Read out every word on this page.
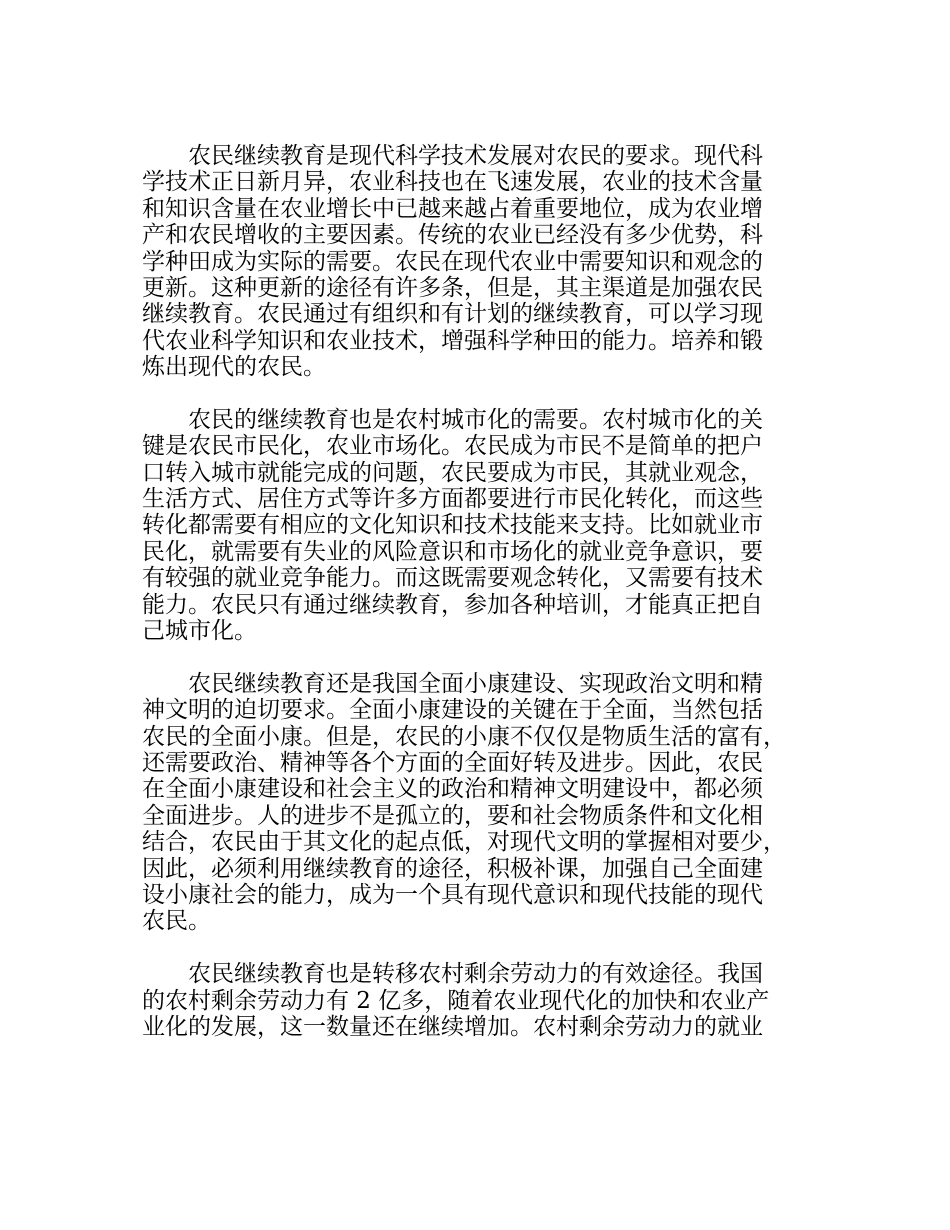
　　农民继续教育是现代科学技术发展对农民的要求。现代科
学技术正日新月异，农业科技也在飞速发展，农业的技术含量
和知识含量在农业增长中已越来越占着重要地位，成为农业增
产和农民增收的主要因素。传统的农业已经没有多少优势，科
学种田成为实际的需要。农民在现代农业中需要知识和观念的
更新。这种更新的途径有许多条，但是，其主渠道是加强农民
继续教育。农民通过有组织和有计划的继续教育，可以学习现
代农业科学知识和农业技术，增强科学种田的能力。培养和锻
炼出现代的农民。
　　农民的继续教育也是农村城市化的需要。农村城市化的关
键是农民市民化，农业市场化。农民成为市民不是简单的把户
口转入城市就能完成的问题，农民要成为市民，其就业观念，
生活方式、居住方式等许多方面都要进行市民化转化，而这些
转化都需要有相应的文化知识和技术技能来支持。比如就业市
民化，就需要有失业的风险意识和市场化的就业竞争意识，要
有较强的就业竞争能力。而这既需要观念转化，又需要有技术
能力。农民只有通过继续教育，参加各种培训，才能真正把自
己城市化。
　　农民继续教育还是我国全面小康建设、实现政治文明和精
神文明的迫切要求。全面小康建设的关键在于全面，当然包括
农民的全面小康。但是，农民的小康不仅仅是物质生活的富有，
还需要政治、精神等各个方面的全面好转及进步。因此，农民
在全面小康建设和社会主义的政治和精神文明建设中，都必须
全面进步。人的进步不是孤立的，要和社会物质条件和文化相
结合，农民由于其文化的起点低，对现代文明的掌握相对要少，
因此，必须利用继续教育的途径，积极补课，加强自己全面建
设小康社会的能力，成为一个具有现代意识和现代技能的现代
农民。
　　农民继续教育也是转移农村剩余劳动力的有效途径。我国
的农村剩余劳动力有 2 亿多，随着农业现代化的加快和农业产
业化的发展，这一数量还在继续增加。农村剩余劳动力的就业
